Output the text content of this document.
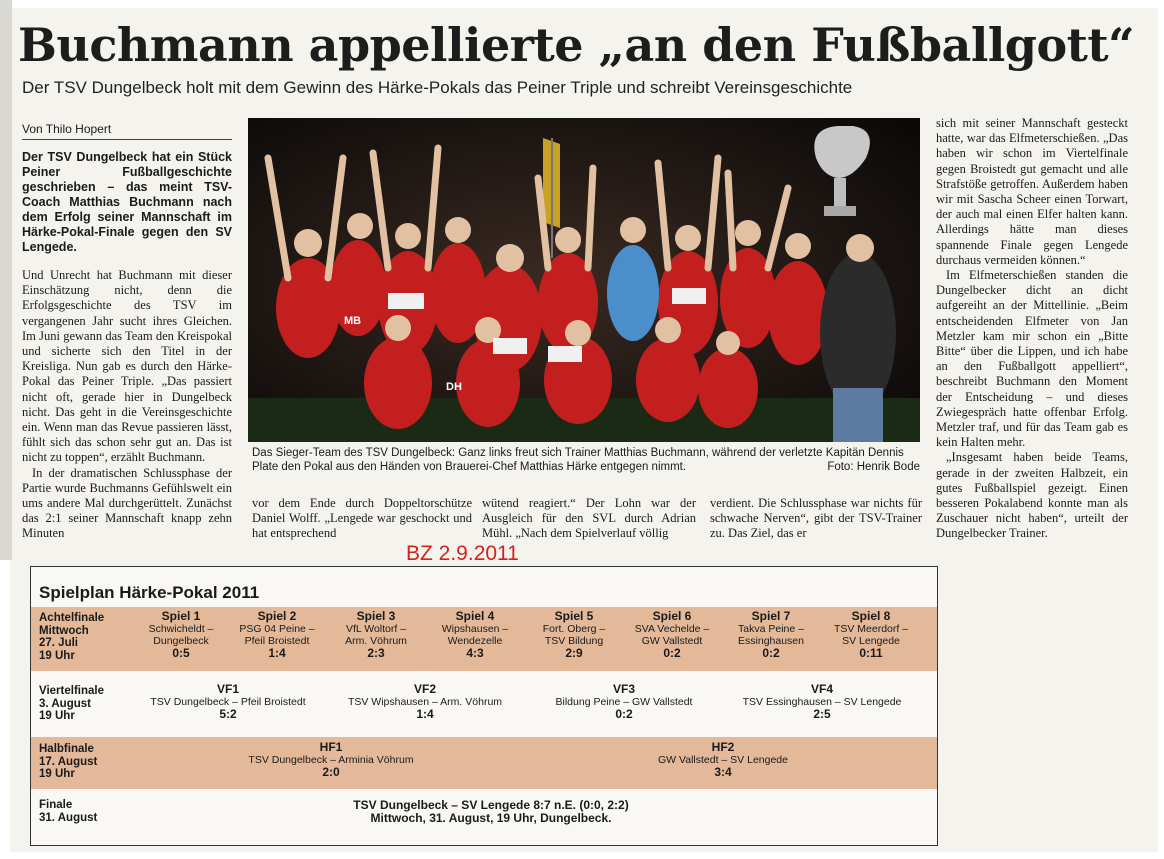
Buchmann appellierte „an den Fußballgott“
Der TSV Dungelbeck holt mit dem Gewinn des Härke-Pokals das Peiner Triple und schreibt Vereinsgeschichte
Von Thilo Hopert
Der TSV Dungelbeck hat ein Stück Peiner Fußballgeschichte geschrieben – das meint TSV-Coach Matthias Buchmann nach dem Erfolg seiner Mannschaft im Härke-Pokal-Finale gegen den SV Lengede.

Und Unrecht hat Buchmann mit dieser Einschätzung nicht, denn die Erfolgsgeschichte des TSV im vergangenen Jahr sucht ihres Gleichen. Im Juni gewann das Team den Kreispokal und sicherte sich den Titel in der Kreisliga. Nun gab es durch den Härke-Pokal das Peiner Triple. „Das passiert nicht oft, gerade hier in Dungelbeck nicht. Das geht in die Vereinsgeschichte ein. Wenn man das Revue passieren lässt, fühlt sich das schon sehr gut an. Das ist nicht zu toppen“, erzählt Buchmann.

In der dramatischen Schlussphase der Partie wurde Buchmanns Gefühlswelt ein ums andere Mal durchgerüttelt. Zunächst das 2:1 seiner Mannschaft knapp zehn Minuten

vor dem Ende durch Doppeltorschütze Daniel Wolff. „Lengede war geschockt und hat entsprechend

wütend reagiert.“ Der Lohn war der Ausgleich für den SVL durch Adrian Mühl. „Nach dem Spielverlauf völlig

verdient. Die Schlussphase war nichts für schwache Nerven“, gibt der TSV-Trainer zu. Das Ziel, das er

sich mit seiner Mannschaft gesteckt hatte, war das Elfmeterschießen. „Das haben wir schon im Viertelfinale gegen Broistedt gut gemacht und alle Strafstöße getroffen. Außerdem haben wir mit Sascha Scheer einen Torwart, der auch mal einen Elfer halten kann. Allerdings hätte man dieses spannende Finale gegen Lengede durchaus vermeiden können.“

Im Elfmeterschießen standen die Dungelbecker dicht an dicht aufgereiht an der Mittellinie. „Beim entscheidenden Elfmeter von Jan Metzler kam mir schon ein „Bitte Bitte“ über die Lippen, und ich habe an den Fußballgott appelliert“, beschreibt Buchmann den Moment der Entscheidung – und dieses Zwiegespräch hatte offenbar Erfolg. Metzler traf, und für das Team gab es kein Halten mehr.

„Insgesamt haben beide Teams, gerade in der zweiten Halbzeit, ein gutes Fußballspiel gezeigt. Einen besseren Pokalabend konnte man als Zuschauer nicht haben“, urteilt der Dungelbecker Trainer.

MB
DH
Das Sieger-Team des TSV Dungelbeck: Ganz links freut sich Trainer Matthias Buchmann, während der verletzte Kapitän Dennis Plate den Pokal aus den Händen von Brauerei-Chef Matthias Härke entgegen nimmt.	Foto: Henrik Bode
BZ 2.9.2011
Spielplan Härke-Pokal 2011
Achtelfinale
Mittwoch
27. Juli
19 Uhr
Spiel 1
Schwicheldt –
Dungelbeck
0:5
Spiel 2
PSG 04 Peine –
Pfeil Broistedt
1:4
Spiel 3
VfL Woltorf –
Arm. Vöhrum
2:3
Spiel 4
Wipshausen –
Wendezelle
4:3
Spiel 5
Fort. Oberg –
TSV Bildung
2:9
Spiel 6
SVA Vechelde –
GW Vallstedt
0:2
Spiel 7
Takva Peine –
Essinghausen
0:2
Spiel 8
TSV Meerdorf –
SV Lengede
0:11
Viertelfinale
3. August
19 Uhr
VF1
TSV Dungelbeck – Pfeil Broistedt
5:2
VF2
TSV Wipshausen – Arm. Vöhrum
1:4
VF3
Bildung Peine – GW Vallstedt
0:2
VF4
TSV Essinghausen – SV Lengede
2:5
Halbfinale
17. August
19 Uhr
HF1
TSV Dungelbeck – Arminia Vöhrum
2:0
HF2
GW Vallstedt – SV Lengede
3:4
Finale
31. August
TSV Dungelbeck – SV Lengede 8:7 n.E. (0:0, 2:2)
Mittwoch, 31. August, 19 Uhr, Dungelbeck.
